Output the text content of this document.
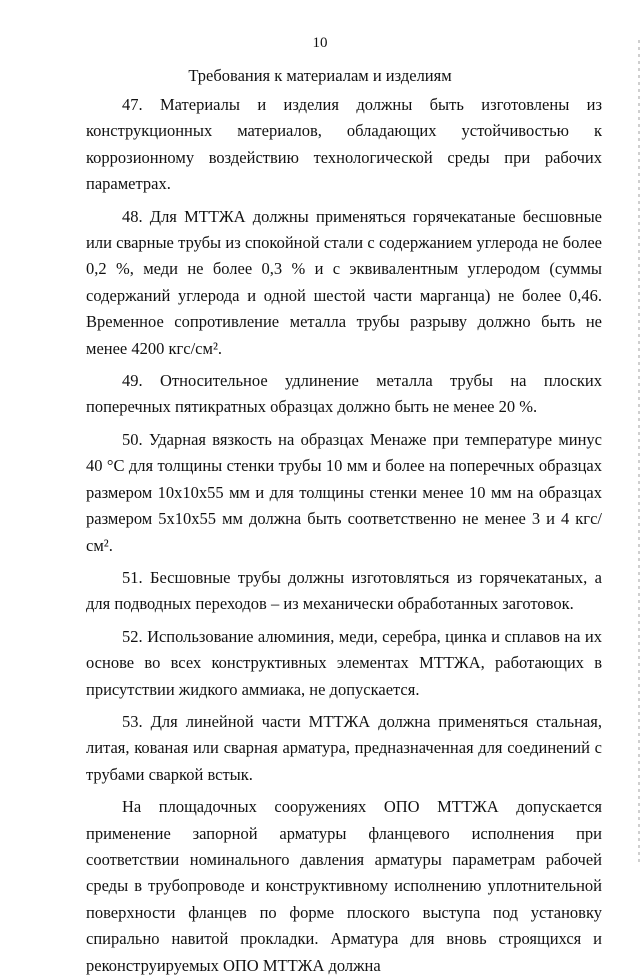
10
Требования к материалам и изделиям

47. Материалы и изделия должны быть изготовлены из конструкционных материалов, обладающих устойчивостью к коррозионному воздействию технологической среды при рабочих параметрах.

48. Для МТТЖА должны применяться горячекатаные бесшовные или сварные трубы из спокойной стали с содержанием углерода не более 0,2 %, меди не более 0,3 % и с эквивалентным углеродом (суммы содержаний углерода и одной шестой части марганца) не более 0,46. Временное сопротивление металла трубы разрыву должно быть не менее 4200 кгс/см².

49. Относительное удлинение металла трубы на плоских поперечных пятикратных образцах должно быть не менее 20 %.

50. Ударная вязкость на образцах Менаже при температуре минус 40 °С для толщины стенки трубы 10 мм и более на поперечных образцах размером 10х10х55 мм и для толщины стенки менее 10 мм на образцах размером 5х10х55 мм должна быть соответственно не менее 3 и 4 кгс/см².

51. Бесшовные трубы должны изготовляться из горячекатаных, а для подводных переходов – из механически обработанных заготовок.

52. Использование алюминия, меди, серебра, цинка и сплавов на их основе во всех конструктивных элементах МТТЖА, работающих в присутствии жидкого аммиака, не допускается.

53. Для линейной части МТТЖА должна применяться стальная, литая, кованая или сварная арматура, предназначенная для соединений с трубами сваркой встык.

На площадочных сооружениях ОПО МТТЖА допускается применение запорной арматуры фланцевого исполнения при соответствии номинального давления арматуры параметрам рабочей среды в трубопроводе и конструктивному исполнению уплотнительной поверхности фланцев по форме плоского выступа под установку спирально навитой прокладки. Арматура для вновь строящихся и реконструируемых ОПО МТТЖА должна
